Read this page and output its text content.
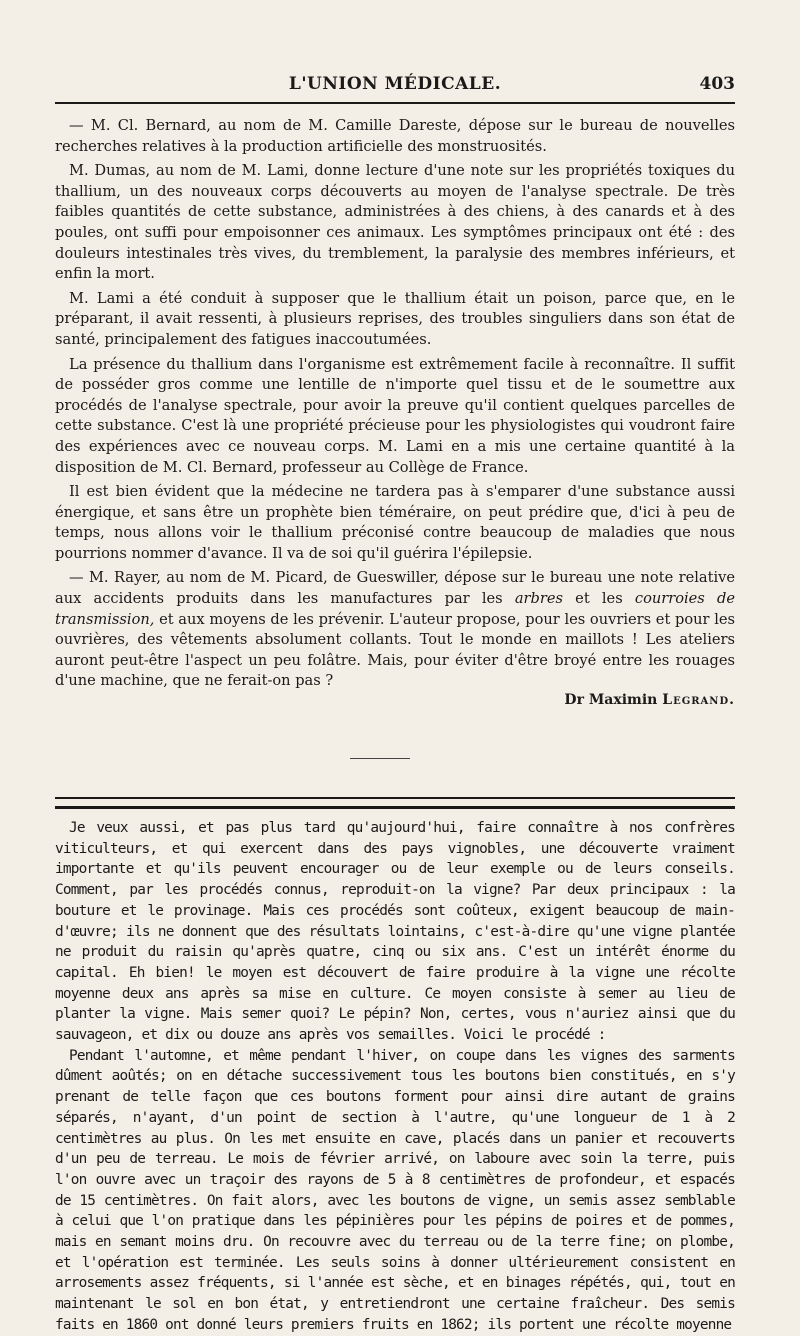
L'UNION MÉDICALE.	403

— M. Cl. Bernard, au nom de M. Camille Dareste, dépose sur le bureau de nouvelles recherches relatives à la production artificielle des monstruosités.

M. Dumas, au nom de M. Lami, donne lecture d'une note sur les propriétés toxiques du thallium, un des nouveaux corps découverts au moyen de l'analyse spectrale. De très faibles quantités de cette substance, administrées à des chiens, à des canards et à des poules, ont suffi pour empoisonner ces animaux. Les symptômes principaux ont été : des douleurs intestinales très vives, du tremblement, la paralysie des membres inférieurs, et enfin la mort.

M. Lami a été conduit à supposer que le thallium était un poison, parce que, en le préparant, il avait ressenti, à plusieurs reprises, des troubles singuliers dans son état de santé, principalement des fatigues inaccoutumées.

La présence du thallium dans l'organisme est extrêmement facile à reconnaître. Il suffit de posséder gros comme une lentille de n'importe quel tissu et de le soumettre aux procédés de l'analyse spectrale, pour avoir la preuve qu'il contient quelques parcelles de cette substance. C'est là une propriété précieuse pour les physiologistes qui voudront faire des expériences avec ce nouveau corps. M. Lami en a mis une certaine quantité à la disposition de M. Cl. Bernard, professeur au Collège de France.

Il est bien évident que la médecine ne tardera pas à s'emparer d'une substance aussi énergique, et sans être un prophète bien téméraire, on peut prédire que, d'ici à peu de temps, nous allons voir le thallium préconisé contre beaucoup de maladies que nous pourrions nommer d'avance. Il va de soi qu'il guérira l'épilepsie.

— M. Rayer, au nom de M. Picard, de Gueswiller, dépose sur le bureau une note relative aux accidents produits dans les manufactures par les arbres et les courroies de transmission, et aux moyens de les prévenir. L'auteur propose, pour les ouvriers et pour les ouvrières, des vêtements absolument collants. Tout le monde en maillots ! Les ateliers auront peut-être l'aspect un peu folâtre. Mais, pour éviter d'être broyé entre les rouages d'une machine, que ne ferait-on pas ?

Dr Maximin Legrand.

Je veux aussi, et pas plus tard qu'aujourd'hui, faire connaître à nos confrères viticulteurs, et qui exercent dans des pays vignobles, une découverte vraiment importante et qu'ils peuvent encourager ou de leur exemple ou de leurs conseils. Comment, par les procédés connus, reproduit-on la vigne? Par deux principaux : la bouture et le provinage. Mais ces procédés sont coûteux, exigent beaucoup de main-d'œuvre; ils ne donnent que des résultats lointains, c'est-à-dire qu'une vigne plantée ne produit du raisin qu'après quatre, cinq ou six ans. C'est un intérêt énorme du capital. Eh bien! le moyen est découvert de faire produire à la vigne une récolte moyenne deux ans après sa mise en culture. Ce moyen consiste à semer au lieu de planter la vigne. Mais semer quoi? Le pépin? Non, certes, vous n'auriez ainsi que du sauvageon, et dix ou douze ans après vos semailles. Voici le procédé :

Pendant l'automne, et même pendant l'hiver, on coupe dans les vignes des sarments dûment aoûtés; on en détache successivement tous les boutons bien constitués, en s'y prenant de telle façon que ces boutons forment pour ainsi dire autant de grains séparés, n'ayant, d'un point de section à l'autre, qu'une longueur de 1 à 2 centimètres au plus. On les met ensuite en cave, placés dans un panier et recouverts d'un peu de terreau. Le mois de février arrivé, on laboure avec soin la terre, puis l'on ouvre avec un traçoir des rayons de 5 à 8 centimètres de profondeur, et espacés de 15 centimètres. On fait alors, avec les boutons de vigne, un semis assez semblable à celui que l'on pratique dans les pépinières pour les pépins de poires et de pommes, mais en semant moins dru. On recouvre avec du terreau ou de la terre fine; on plombe, et l'opération est terminée. Les seuls soins à donner ultérieurement consistent en arrosements assez fréquents, si l'année est sèche, et en binages répétés, qui, tout en maintenant le sol en bon état, y entretiendront une certaine fraîcheur. Des semis faits en 1860 ont donné leurs premiers fruits en 1862; ils portent une récolte moyenne
